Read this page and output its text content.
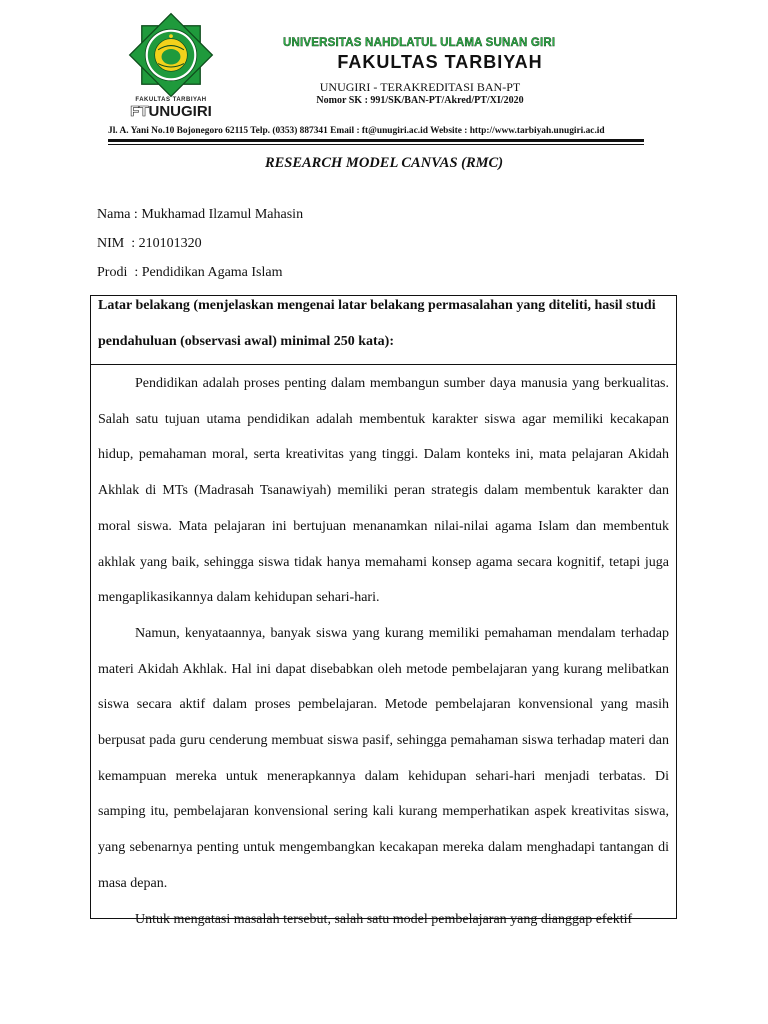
FAKULTAS TARBIYAH
FTUNUGIRI
UNIVERSITAS NAHDLATUL ULAMA SUNAN GIRI
FAKULTAS TARBIYAH
UNUGIRI - TERAKREDITASI BAN-PT
Nomor SK : 991/SK/BAN-PT/Akred/PT/XI/2020
Jl. A. Yani No.10 Bojonegoro 62115 Telp. (0353) 887341 Email : ft@unugiri.ac.id Website : http://www.tarbiyah.unugiri.ac.id
RESEARCH MODEL CANVAS (RMC)
Nama : Mukhamad Ilzamul Mahasin
NIM  : 210101320
Prodi  : Pendidikan Agama Islam
Latar belakang (menjelaskan mengenai latar belakang permasalahan yang diteliti, hasil studi pendahuluan (observasi awal) minimal 250 kata):

Pendidikan adalah proses penting dalam membangun sumber daya manusia yang berkualitas. Salah satu tujuan utama pendidikan adalah membentuk karakter siswa agar memiliki kecakapan hidup, pemahaman moral, serta kreativitas yang tinggi. Dalam konteks ini, mata pelajaran Akidah Akhlak di MTs (Madrasah Tsanawiyah) memiliki peran strategis dalam membentuk karakter dan moral siswa. Mata pelajaran ini bertujuan menanamkan nilai-nilai agama Islam dan membentuk akhlak yang baik, sehingga siswa tidak hanya memahami konsep agama secara kognitif, tetapi juga mengaplikasikannya dalam kehidupan sehari-hari.

Namun, kenyataannya, banyak siswa yang kurang memiliki pemahaman mendalam terhadap materi Akidah Akhlak. Hal ini dapat disebabkan oleh metode pembelajaran yang kurang melibatkan siswa secara aktif dalam proses pembelajaran. Metode pembelajaran konvensional yang masih berpusat pada guru cenderung membuat siswa pasif, sehingga pemahaman siswa terhadap materi dan kemampuan mereka untuk menerapkannya dalam kehidupan sehari-hari menjadi terbatas. Di samping itu, pembelajaran konvensional sering kali kurang memperhatikan aspek kreativitas siswa, yang sebenarnya penting untuk mengembangkan kecakapan mereka dalam menghadapi tantangan di masa depan.

Untuk mengatasi masalah tersebut, salah satu model pembelajaran yang dianggap efektif
